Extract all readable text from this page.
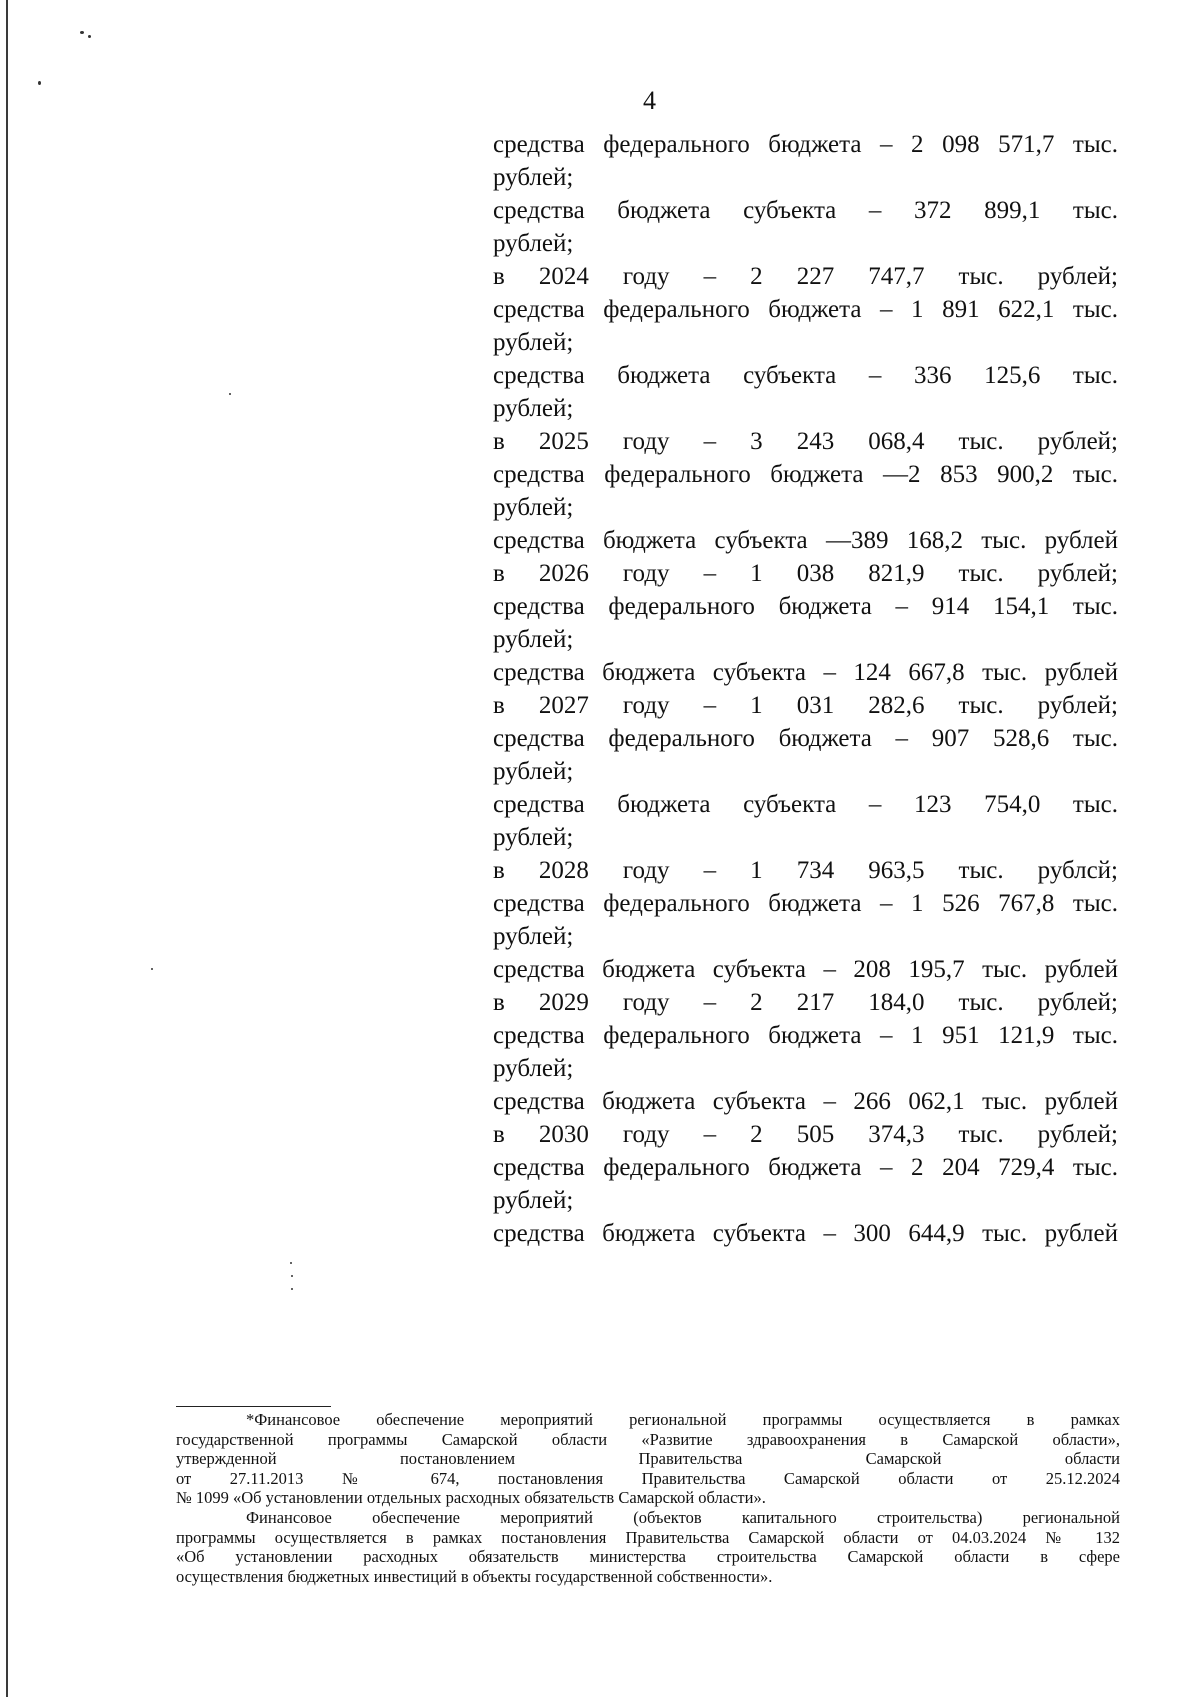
4
средства федерального бюджета – 2 098 571,7 тыс.
рублей;
средства бюджета субъекта – 372 899,1 тыс.
рублей;
в 2024 году – 2 227 747,7 тыс. рублей;
средства федерального бюджета – 1 891 622,1 тыс.
рублей;
средства бюджета субъекта – 336 125,6 тыс.
рублей;
в 2025 году – 3 243 068,4 тыс. рублей;
средства федерального бюджета —2 853 900,2 тыс.
рублей;
средства бюджета субъекта —389 168,2 тыс. рублей
в 2026 году – 1 038 821,9 тыс. рублей;
средства федерального бюджета – 914 154,1 тыс.
рублей;
средства бюджета субъекта – 124 667,8 тыс. рублей
в 2027 году – 1 031 282,6 тыс. рублей;
средства федерального бюджета – 907 528,6 тыс.
рублей;
средства бюджета субъекта – 123 754,0 тыс.
рублей;
в 2028 году – 1 734 963,5 тыс. рублсй;
средства федерального бюджета – 1 526 767,8 тыс.
рублей;
средства бюджета субъекта – 208 195,7 тыс. рублей
в 2029 году – 2 217 184,0 тыс. рублей;
средства федерального бюджета – 1 951 121,9 тыс.
рублей;
средства бюджета субъекта – 266 062,1 тыс. рублей
в 2030 году – 2 505 374,3 тыс. рублей;
средства федерального бюджета – 2 204 729,4 тыс.
рублей;
средства бюджета субъекта – 300 644,9 тыс. рублей
*Финансовое обеспечение мероприятий региональной программы осуществляется в рамках
государственной программы Самарской области «Развитие здравоохранения в Самарской области»,
утвержденной постановлением Правительства Самарской области
от 27.11.2013 № 674, постановления Правительства Самарской области от 25.12.2024
№ 1099 «Об установлении отдельных расходных обязательств Самарской области».
Финансовое обеспечение мероприятий (объектов капитального строительства) региональной
программы осуществляется в рамках постановления Правительства Самарской области от 04.03.2024 № 132
«Об установлении расходных обязательств министерства строительства Самарской области в сфере
осуществления бюджетных инвестиций в объекты государственной собственности».
